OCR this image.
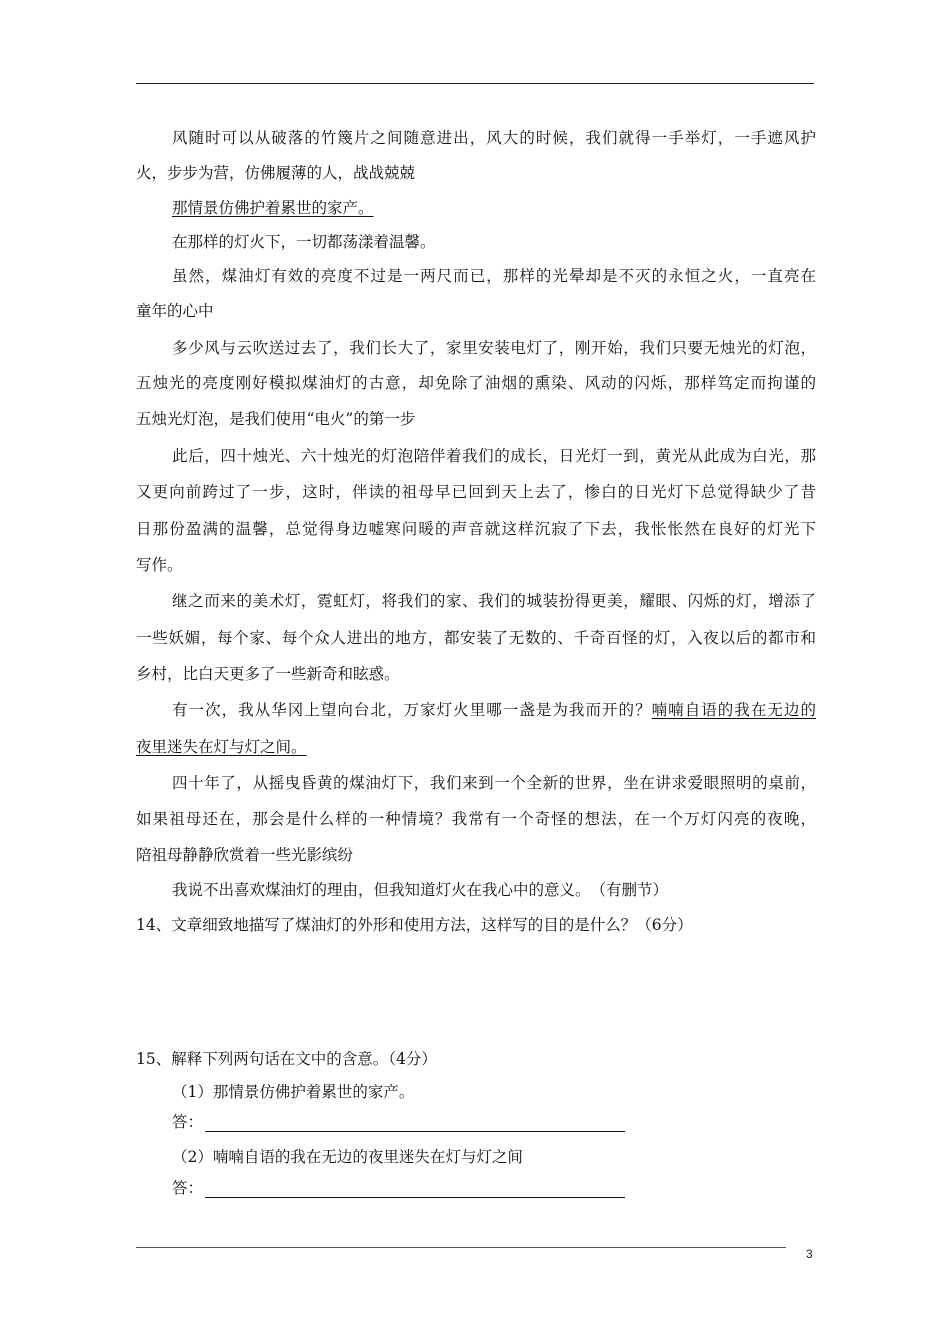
风随时可以从破落的竹篾片之间随意进出，风大的时候，我们就得一手举灯，一手遮风护
火，步步为营，仿佛履薄的人，战战兢兢
那情景仿佛护着累世的家产。
在那样的灯火下，一切都荡漾着温馨。
虽然，煤油灯有效的亮度不过是一两尺而已，那样的光晕却是不灭的永恒之火，一直亮在
童年的心中
多少风与云吹送过去了，我们长大了，家里安装电灯了，刚开始，我们只要无烛光的灯泡，
五烛光的亮度刚好模拟煤油灯的古意，却免除了油烟的熏染、风动的闪烁，那样笃定而拘谨的
五烛光灯泡，是我们使用“电火”的第一步
此后，四十烛光、六十烛光的灯泡陪伴着我们的成长，日光灯一到，黄光从此成为白光，那
又更向前跨过了一步，这时，伴读的祖母早已回到天上去了，惨白的日光灯下总觉得缺少了昔
日那份盈满的温馨，总觉得身边嘘寒问暖的声音就这样沉寂了下去，我怅怅然在良好的灯光下
写作。
继之而来的美术灯，霓虹灯，将我们的家、我们的城装扮得更美，耀眼、闪烁的灯，增添了
一些妖媚，每个家、每个众人进出的地方，都安装了无数的、千奇百怪的灯，入夜以后的都市和
乡村，比白天更多了一些新奇和眩惑。
有一次，我从华冈上望向台北，万家灯火里哪一盏是为我而开的？喃喃自语的我在无边的
夜里迷失在灯与灯之间。
四十年了，从摇曳昏黄的煤油灯下，我们来到一个全新的世界，坐在讲求爱眼照明的桌前，
如果祖母还在，那会是什么样的一种情境？我常有一个奇怪的想法，在一个万灯闪亮的夜晚，
陪祖母静静欣赏着一些光影缤纷
我说不出喜欢煤油灯的理由，但我知道灯火在我心中的意义。　（有删节）
14、文章细致地描写了煤油灯的外形和使用方法，这样写的目的是什么？（6分）
15、解释下列两句话在文中的含意。（4分）
（1）那情景仿佛护着累世的家产。
答：
（2）喃喃自语的我在无边的夜里迷失在灯与灯之间
答：
3
